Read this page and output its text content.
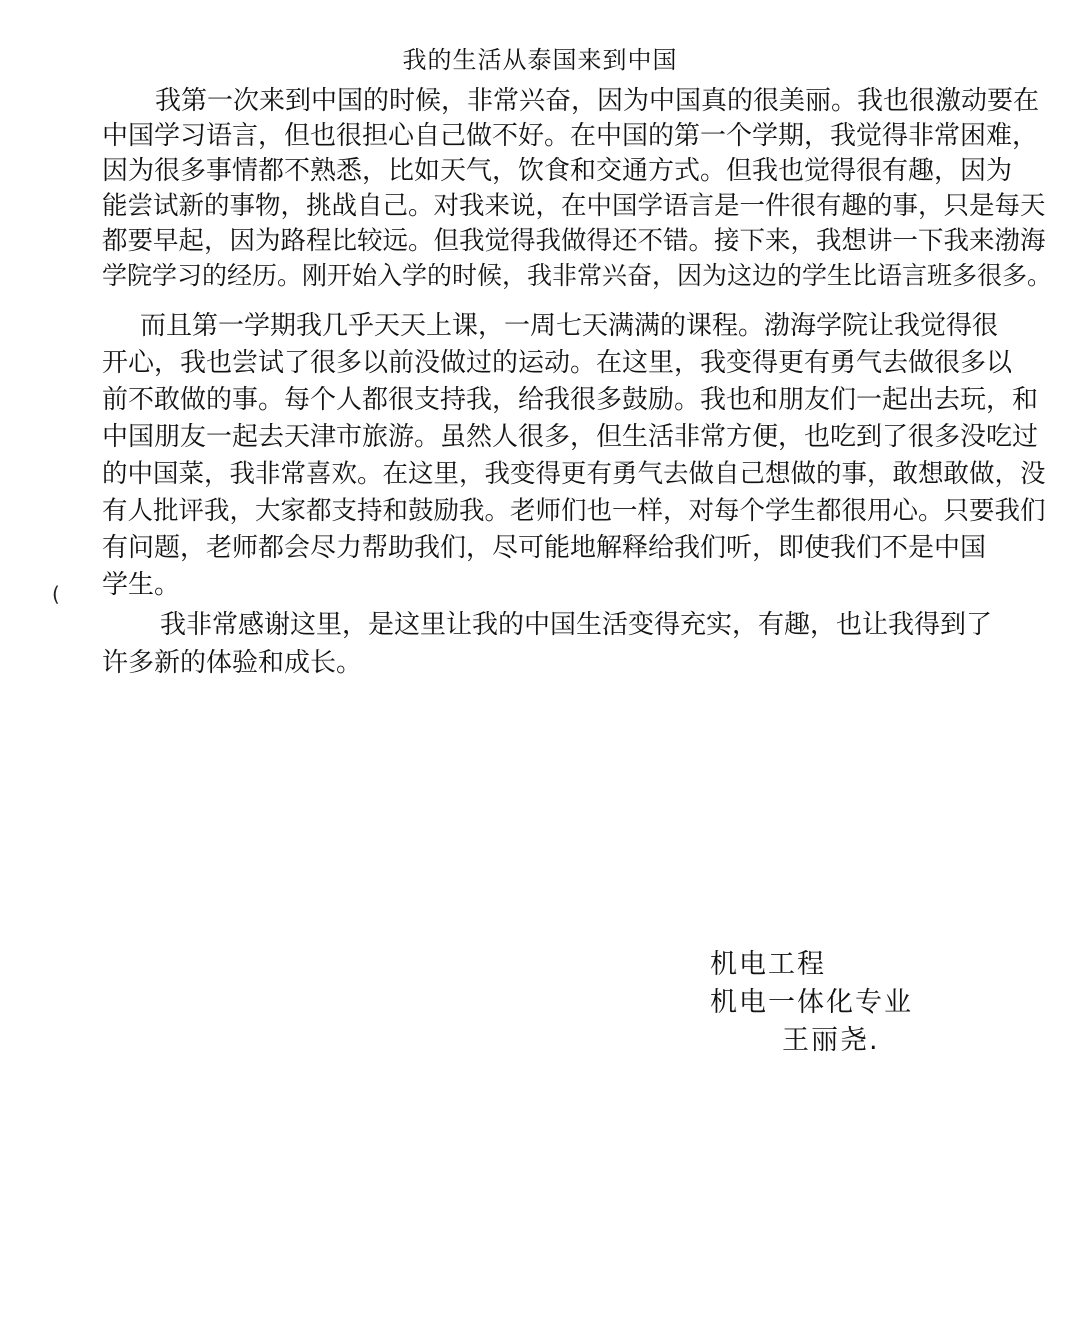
我的生活从泰国来到中国
我第一次来到中国的时候，非常兴奋，因为中国真的很美丽。我也很激动要在
中国学习语言，但也很担心自己做不好。在中国的第一个学期，我觉得非常困难，
因为很多事情都不熟悉，比如天气，饮食和交通方式。但我也觉得很有趣，因为
能尝试新的事物，挑战自己。对我来说，在中国学语言是一件很有趣的事，只是每天
都要早起，因为路程比较远。但我觉得我做得还不错。接下来，我想讲一下我来渤海
学院学习的经历。刚开始入学的时候，我非常兴奋，因为这边的学生比语言班多很多。
而且第一学期我几乎天天上课，一周七天满满的课程。渤海学院让我觉得很
开心，我也尝试了很多以前没做过的运动。在这里，我变得更有勇气去做很多以
前不敢做的事。每个人都很支持我，给我很多鼓励。我也和朋友们一起出去玩，和
中国朋友一起去天津市旅游。虽然人很多，但生活非常方便，也吃到了很多没吃过
的中国菜，我非常喜欢。在这里，我变得更有勇气去做自己想做的事，敢想敢做，没
有人批评我，大家都支持和鼓励我。老师们也一样，对每个学生都很用心。只要我们
有问题，老师都会尽力帮助我们，尽可能地解释给我们听，即使我们不是中国
学生。
(
我非常感谢这里，是这里让我的中国生活变得充实，有趣，也让我得到了
许多新的体验和成长。
机电工程
机电一体化专业
王丽尧.
